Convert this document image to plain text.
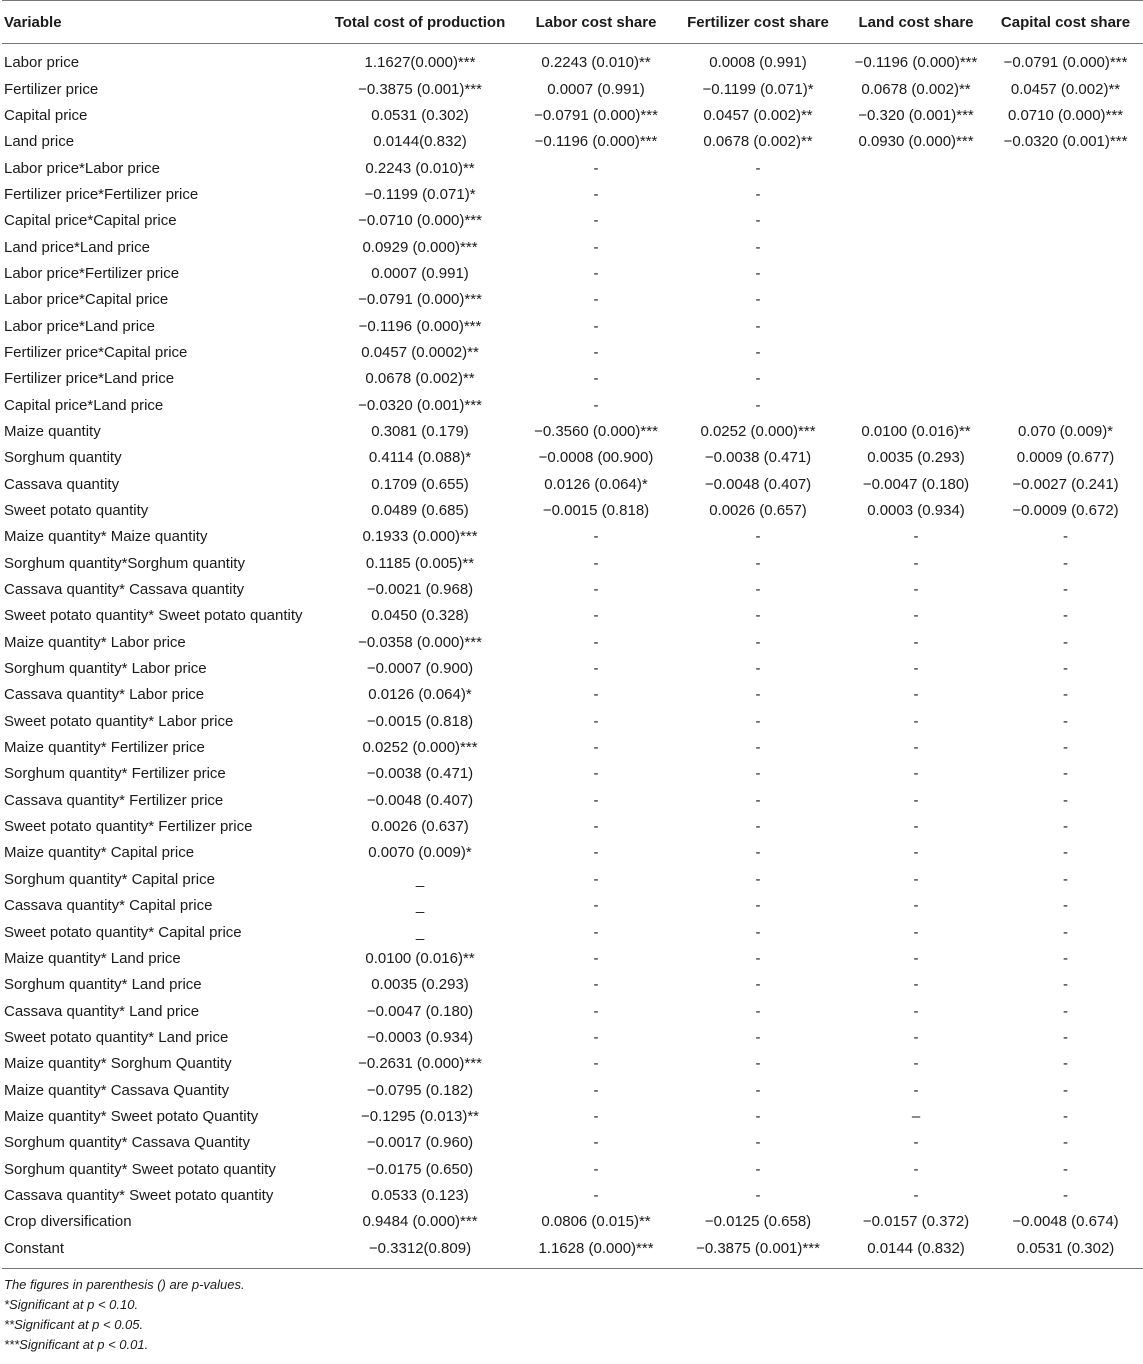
Variable	Total cost of production	Labor cost share	Fertilizer cost share	Land cost share	Capital cost share
Labor price	1.1627(0.000)***	0.2243 (0.010)**	0.0008 (0.991)	−0.1196 (0.000)***	−0.0791 (0.000)***
Fertilizer price	−0.3875 (0.001)***	0.0007 (0.991)	−0.1199 (0.071)*	0.0678 (0.002)**	0.0457 (0.002)**
Capital price	0.0531 (0.302)	−0.0791 (0.000)***	0.0457 (0.002)**	−0.320 (0.001)***	0.0710 (0.000)***
Land price	0.0144(0.832)	−0.1196 (0.000)***	0.0678 (0.002)**	0.0930 (0.000)***	−0.0320 (0.001)***
Labor price*Labor price	0.2243 (0.010)**	-	-		
Fertilizer price*Fertilizer price	−0.1199 (0.071)*	-	-		
Capital price*Capital price	−0.0710 (0.000)***	-	-		
Land price*Land price	0.0929 (0.000)***	-	-		
Labor price*Fertilizer price	0.0007 (0.991)	-	-		
Labor price*Capital price	−0.0791 (0.000)***	-	-		
Labor price*Land price	−0.1196 (0.000)***	-	-		
Fertilizer price*Capital price	0.0457 (0.0002)**	-	-		
Fertilizer price*Land price	0.0678 (0.002)**	-	-		
Capital price*Land price	−0.0320 (0.001)***	-	-		
Maize quantity	0.3081 (0.179)	−0.3560 (0.000)***	0.0252 (0.000)***	0.0100 (0.016)**	0.070 (0.009)*
Sorghum quantity	0.4114 (0.088)*	−0.0008 (00.900)	−0.0038 (0.471)	0.0035 (0.293)	0.0009 (0.677)
Cassava quantity	0.1709 (0.655)	0.0126 (0.064)*	−0.0048 (0.407)	−0.0047 (0.180)	−0.0027 (0.241)
Sweet potato quantity	0.0489 (0.685)	−0.0015 (0.818)	0.0026 (0.657)	0.0003 (0.934)	−0.0009 (0.672)
Maize quantity* Maize quantity	0.1933 (0.000)***	-	-	-	-
Sorghum quantity*Sorghum quantity	0.1185 (0.005)**	-	-	-	-
Cassava quantity* Cassava quantity	−0.0021 (0.968)	-	-	-	-
Sweet potato quantity* Sweet potato quantity	0.0450 (0.328)	-	-	-	-
Maize quantity* Labor price	−0.0358 (0.000)***	-	-	-	-
Sorghum quantity* Labor price	−0.0007 (0.900)	-	-	-	-
Cassava quantity* Labor price	0.0126 (0.064)*	-	-	-	-
Sweet potato quantity* Labor price	−0.0015 (0.818)	-	-	-	-
Maize quantity* Fertilizer price	0.0252 (0.000)***	-	-	-	-
Sorghum quantity* Fertilizer price	−0.0038 (0.471)	-	-	-	-
Cassava quantity* Fertilizer price	−0.0048 (0.407)	-	-	-	-
Sweet potato quantity* Fertilizer price	0.0026 (0.637)	-	-	-	-
Maize quantity* Capital price	0.0070 (0.009)*	-	-	-	-
Sorghum quantity* Capital price	_	-	-	-	-
Cassava quantity* Capital price	_	-	-	-	-
Sweet potato quantity* Capital price	_	-	-	-	-
Maize quantity* Land price	0.0100 (0.016)**	-	-	-	-
Sorghum quantity* Land price	0.0035 (0.293)	-	-	-	-
Cassava quantity* Land price	−0.0047 (0.180)	-	-	-	-
Sweet potato quantity* Land price	−0.0003 (0.934)	-	-	-	-
Maize quantity* Sorghum Quantity	−0.2631 (0.000)***	-	-	-	-
Maize quantity* Cassava Quantity	−0.0795 (0.182)	-	-	-	-
Maize quantity* Sweet potato Quantity	−0.1295 (0.013)**	-	-	–	-
Sorghum quantity* Cassava Quantity	−0.0017 (0.960)	-	-	-	-
Sorghum quantity* Sweet potato quantity	−0.0175 (0.650)	-	-	-	-
Cassava quantity* Sweet potato quantity	0.0533 (0.123)	-	-	-	-
Crop diversification	0.9484 (0.000)***	0.0806 (0.015)**	−0.0125 (0.658)	−0.0157 (0.372)	−0.0048 (0.674)
Constant	−0.3312(0.809)	1.1628 (0.000)***	−0.3875 (0.001)***	0.0144 (0.832)	0.0531 (0.302)
The figures in parenthesis () are p-values.
*Significant at p < 0.10.
**Significant at p < 0.05.
***Significant at p < 0.01.
